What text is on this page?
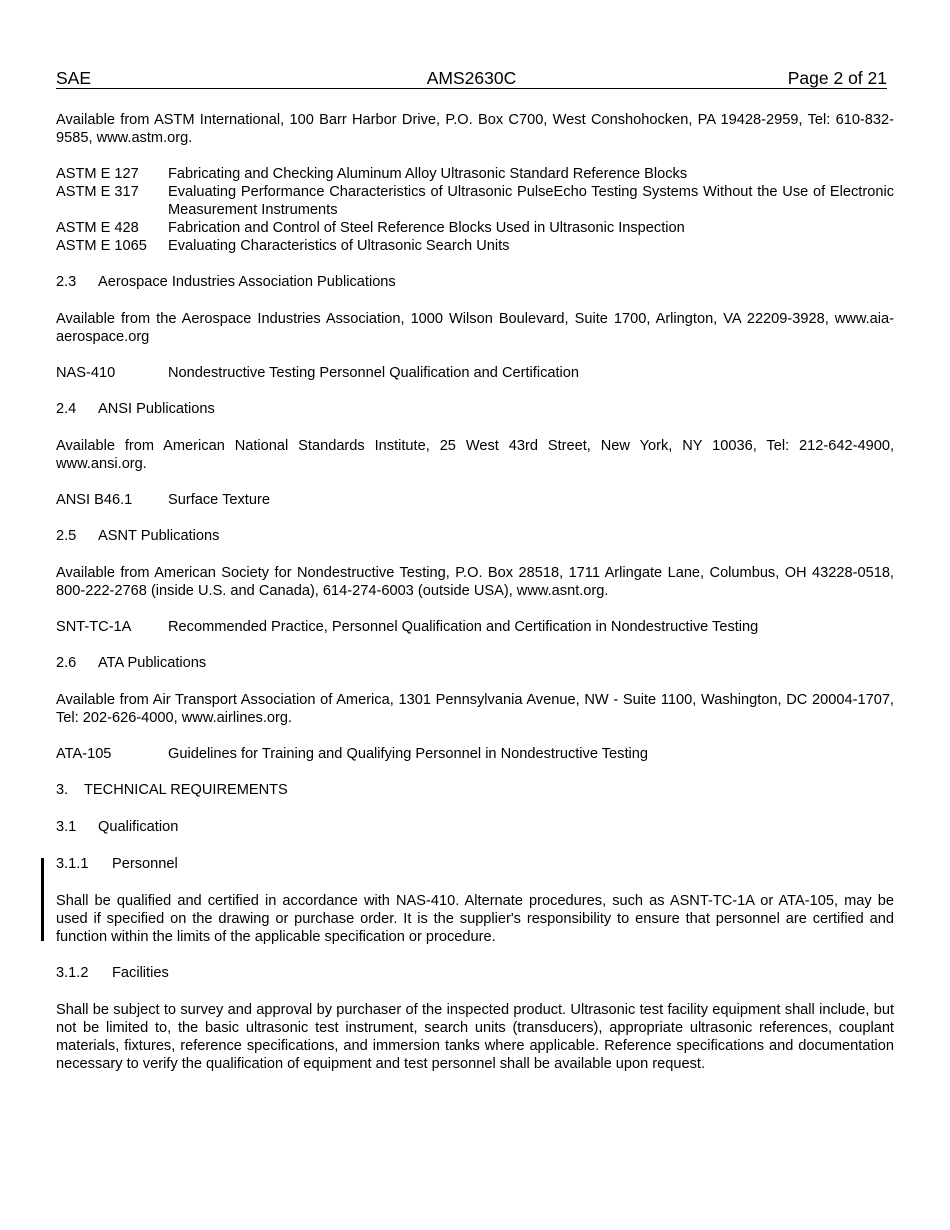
SAE	AMS2630C	Page 2 of 21

Available from ASTM International, 100 Barr Harbor Drive, P.O. Box C700, West Conshohocken, PA 19428-2959, Tel: 610-832-9585, www.astm.org.

ASTM E 127	Fabricating and Checking Aluminum Alloy Ultrasonic Standard Reference Blocks
ASTM E 317	Evaluating Performance Characteristics of Ultrasonic PulseEcho Testing Systems Without the Use of Electronic Measurement Instruments
ASTM E 428	Fabrication and Control of Steel Reference Blocks Used in Ultrasonic Inspection
ASTM E 1065	Evaluating Characteristics of Ultrasonic Search Units
2.3 Aerospace Industries Association Publications

Available from the Aerospace Industries Association, 1000 Wilson Boulevard, Suite 1700, Arlington, VA 22209-3928, www.aia-aerospace.org

NAS-410	Nondestructive Testing Personnel Qualification and Certification
2.4 ANSI Publications

Available from American National Standards Institute, 25 West 43rd Street, New York, NY 10036, Tel: 212-642-4900, www.ansi.org.

ANSI B46.1	Surface Texture
2.5 ASNT Publications

Available from American Society for Nondestructive Testing, P.O. Box 28518, 1711 Arlingate Lane, Columbus, OH 43228-0518, 800-222-2768 (inside U.S. and Canada), 614-274-6003 (outside USA), www.asnt.org.

SNT-TC-1A	Recommended Practice, Personnel Qualification and Certification in Nondestructive Testing
2.6 ATA Publications

Available from Air Transport Association of America, 1301 Pennsylvania Avenue, NW - Suite 1100, Washington, DC 20004-1707, Tel: 202-626-4000, www.airlines.org.

ATA-105	Guidelines for Training and Qualifying Personnel in Nondestructive Testing
3. TECHNICAL REQUIREMENTS
3.1 Qualification
3.1.1 Personnel

Shall be qualified and certified in accordance with NAS-410. Alternate procedures, such as ASNT-TC-1A or ATA-105, may be used if specified on the drawing or purchase order. It is the supplier's responsibility to ensure that personnel are certified and function within the limits of the applicable specification or procedure.

3.1.2 Facilities

Shall be subject to survey and approval by purchaser of the inspected product. Ultrasonic test facility equipment shall include, but not be limited to, the basic ultrasonic test instrument, search units (transducers), appropriate ultrasonic references, couplant materials, fixtures, reference specifications, and immersion tanks where applicable. Reference specifications and documentation necessary to verify the qualification of equipment and test personnel shall be available upon request.
